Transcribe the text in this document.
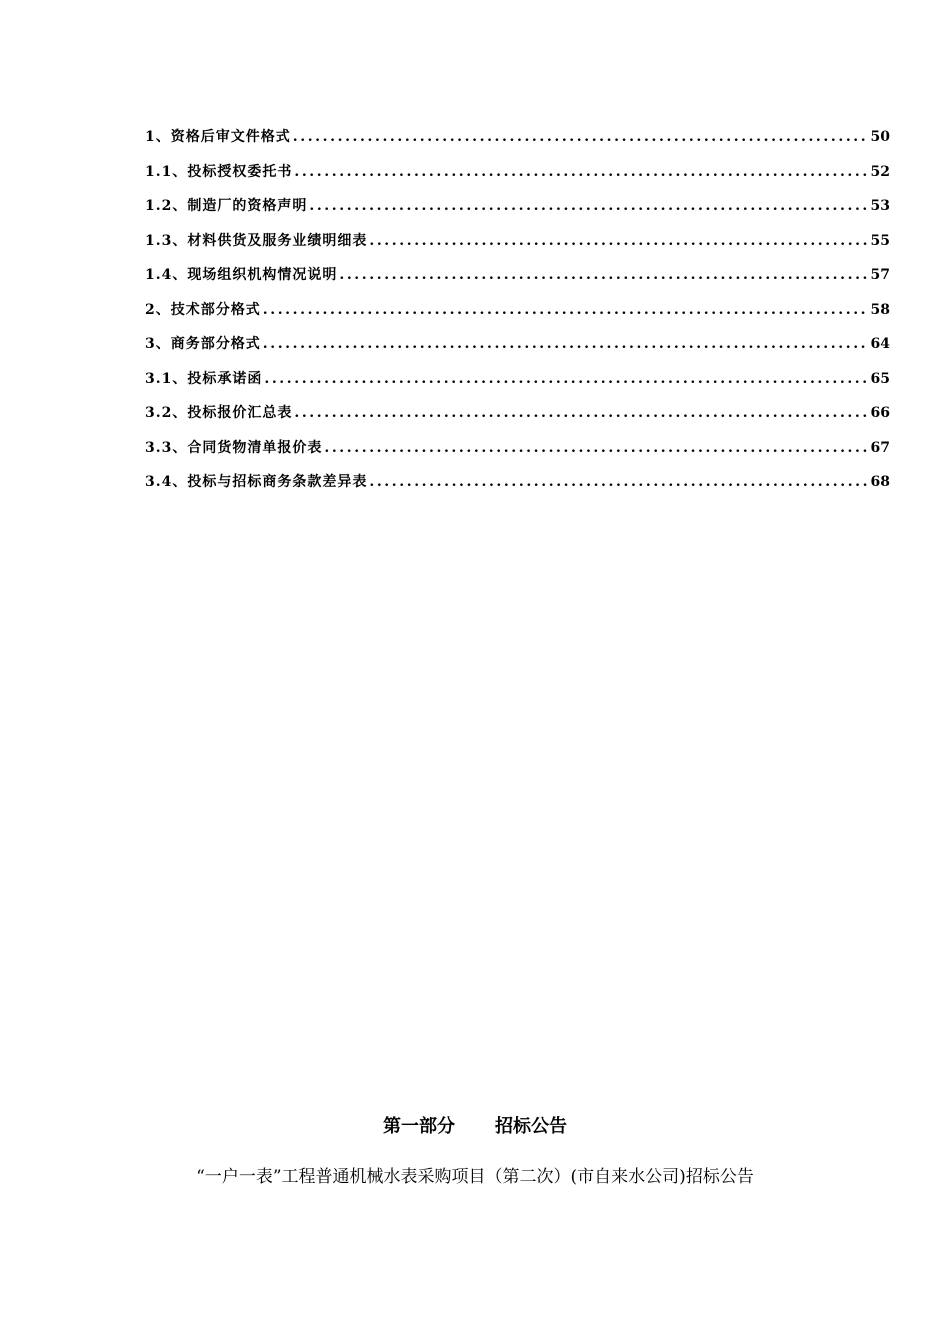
1、资格后审文件格式 .....	50
1.1、投标授权委托书 .....	52
1.2、制造厂的资格声明 .....	53
1.3、材料供货及服务业绩明细表 .....	55
1.4、现场组织机构情况说明 .....	57
2、技术部分格式 .....	58
3、商务部分格式 .....	64
3.1、投标承诺函 .....	65
3.2、投标报价汇总表 .....	66
3.3、合同货物清单报价表 .....	67
3.4、投标与招标商务条款差异表 .....	68
第一部分 招标公告
“一户一表”工程普通机械水表采购项目（第二次）(市自来水公司)招标公告
